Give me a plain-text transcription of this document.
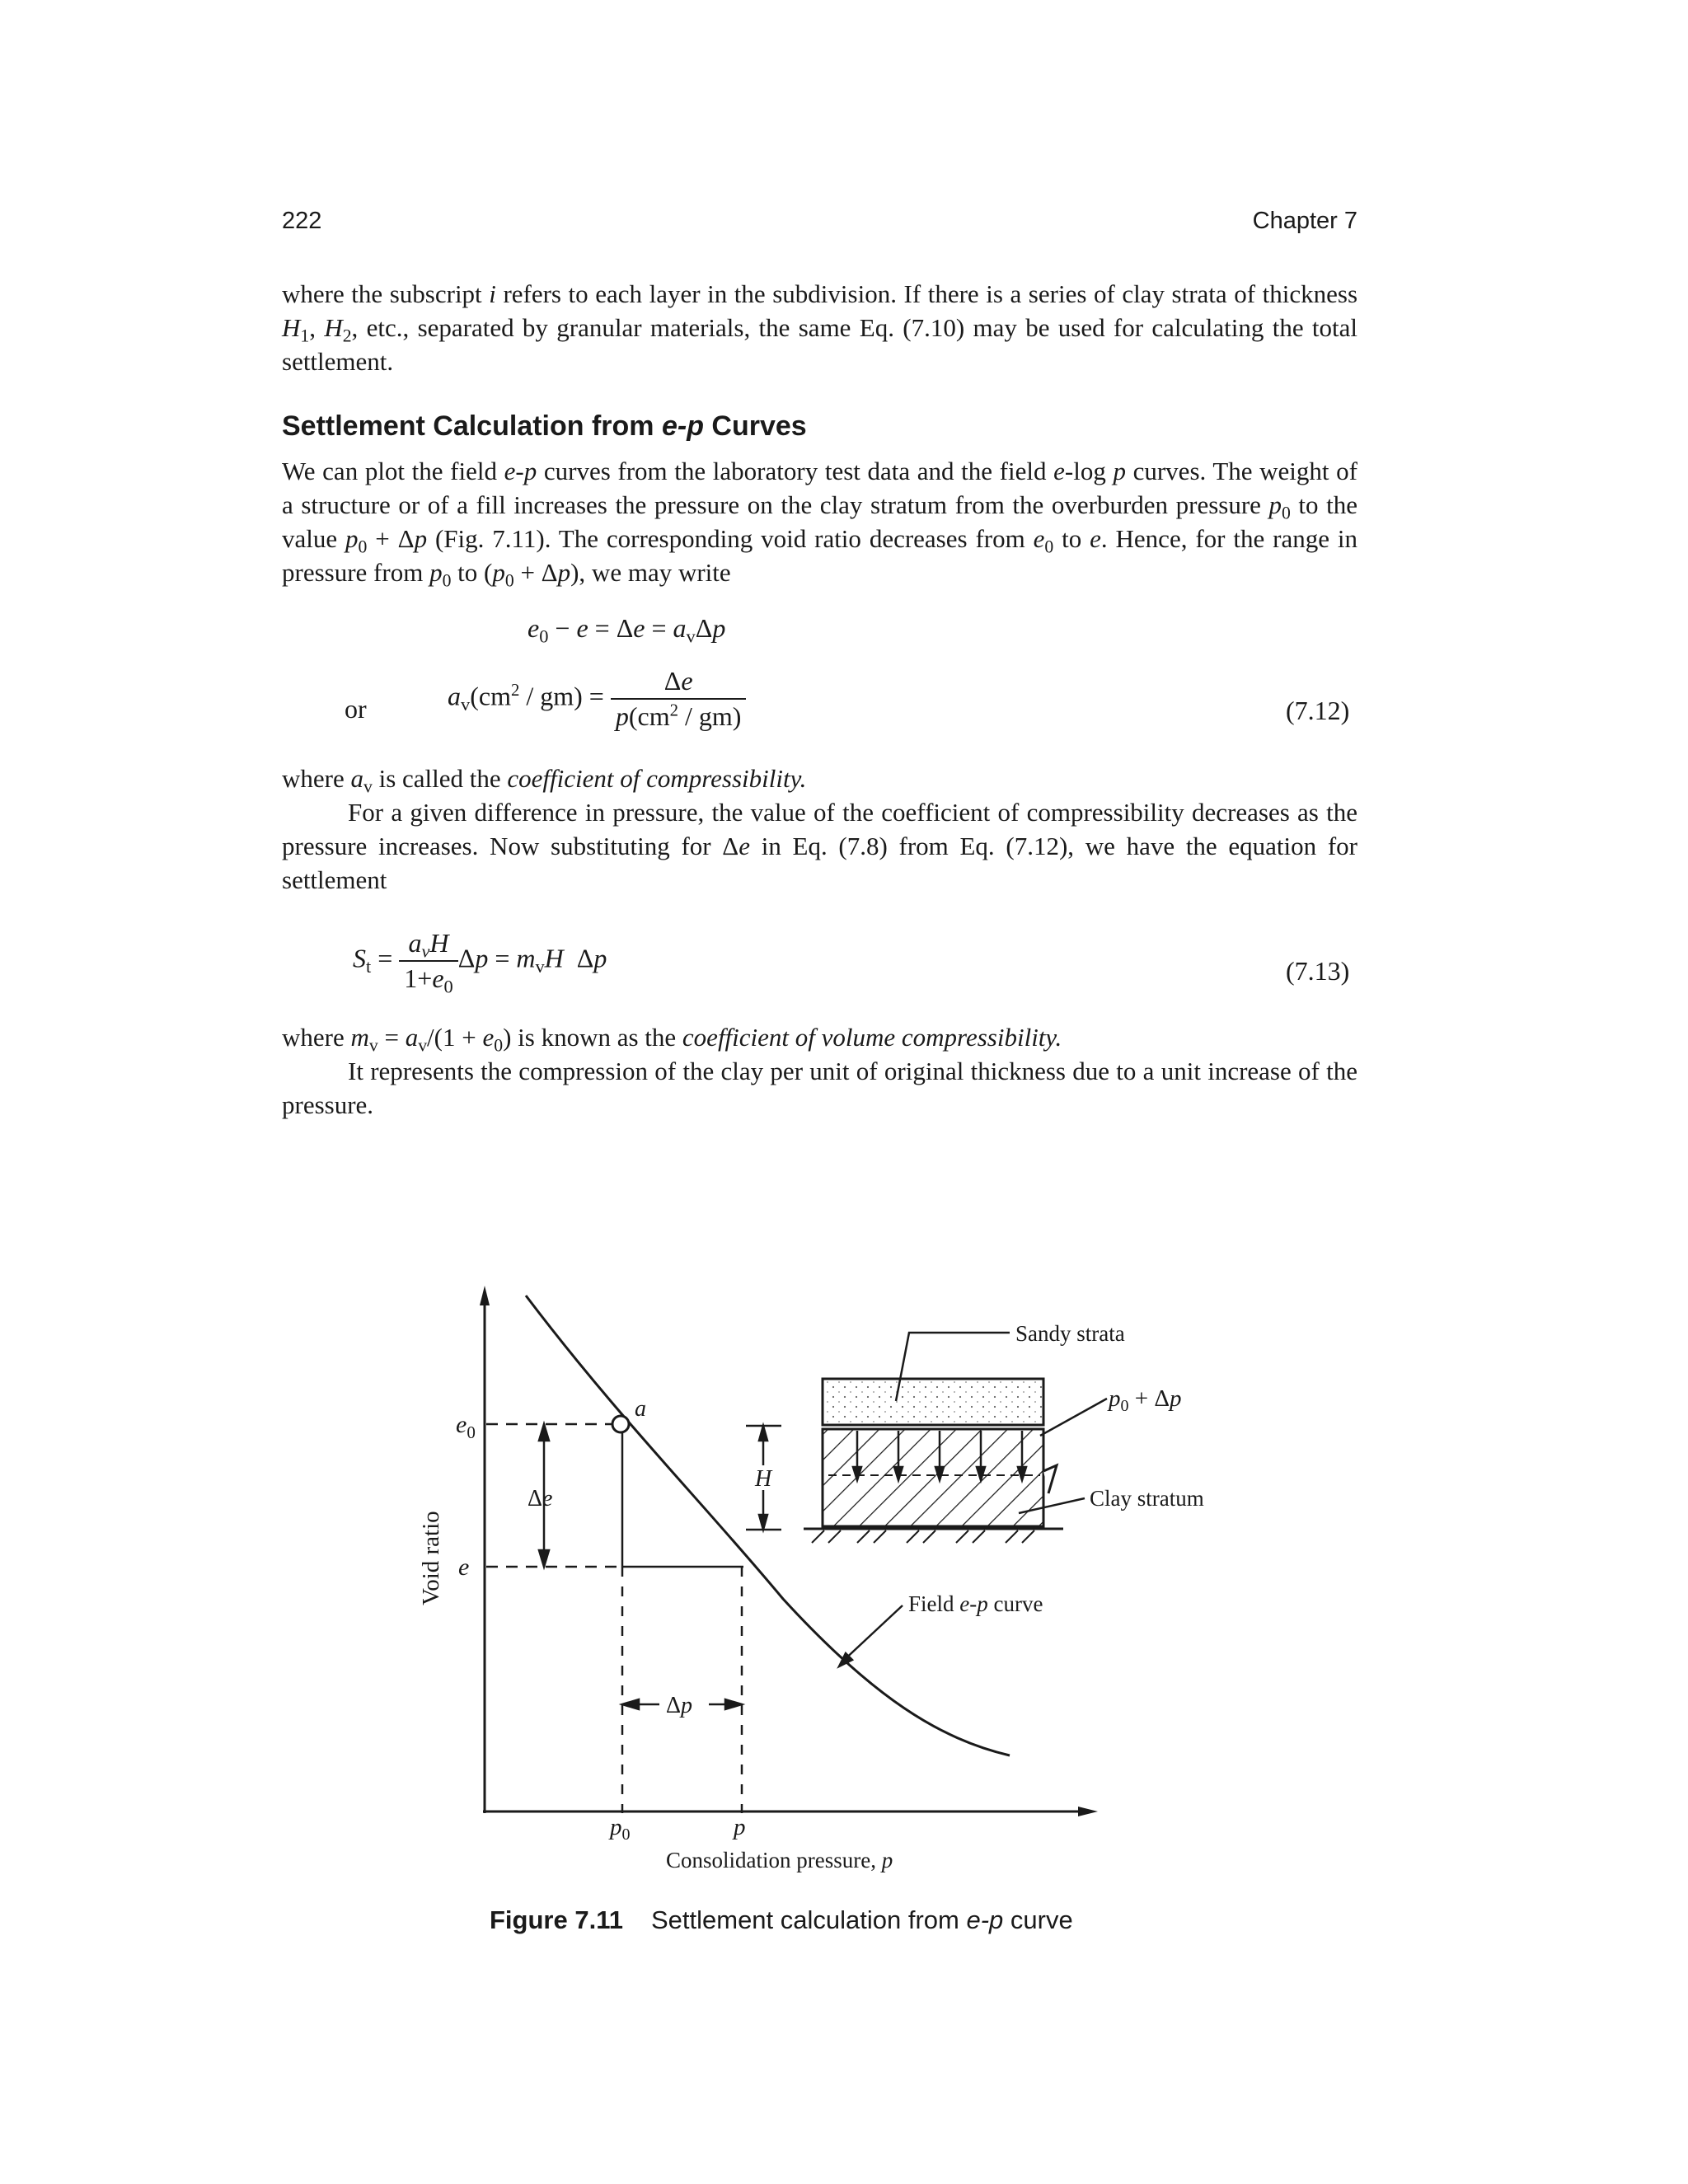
222	Chapter 7

where the subscript i refers to each layer in the subdivision. If there is a series of clay strata of thickness $H_1$, $H_2$, etc., separated by granular materials, the same Eq. (7.10) may be used for calculating the total settlement.

Settlement Calculation from e-p Curves

We can plot the field e-p curves from the laboratory test data and the field e-log p curves. The weight of a structure or of a fill increases the pressure on the clay stratum from the overburden pressure $p_0$ to the value $p_0 + \Delta p$ (Fig. 7.11). The corresponding void ratio decreases from $e_0$ to e. Hence, for the range in pressure from $p_0$ to $(p_0 + \Delta p)$, we may write

$e_0 - e = \Delta e = a_v\Delta p$
or	$a_v(cm^2 / gm) = \frac{\Delta e}{p(cm^2 / gm)}$	(7.12)

where $a_v$ is called the coefficient of compressibility.

For a given difference in pressure, the value of the coefficient of compressibility decreases as the pressure increases. Now substituting for Δe in Eq. (7.8) from Eq. (7.12), we have the equation for settlement

$S_t = \frac{a_vH}{1+e_0}$ $\Delta p = m_vH$  Δp	(7.13)

where $m_v = a_v/(1 + e_0)$ is known as the coefficient of volume compressibility.

It represents the compression of the clay per unit of original thickness due to a unit increase of the pressure.

Void ratio
$e_0$
e
a
Δe
H
Δp
$p_0$	p
Consolidation pressure, p
Sandy strata
$p_0 + \Delta p$
Clay stratum
Field e-p curve
Figure 7.11 Settlement calculation from e-p curve
